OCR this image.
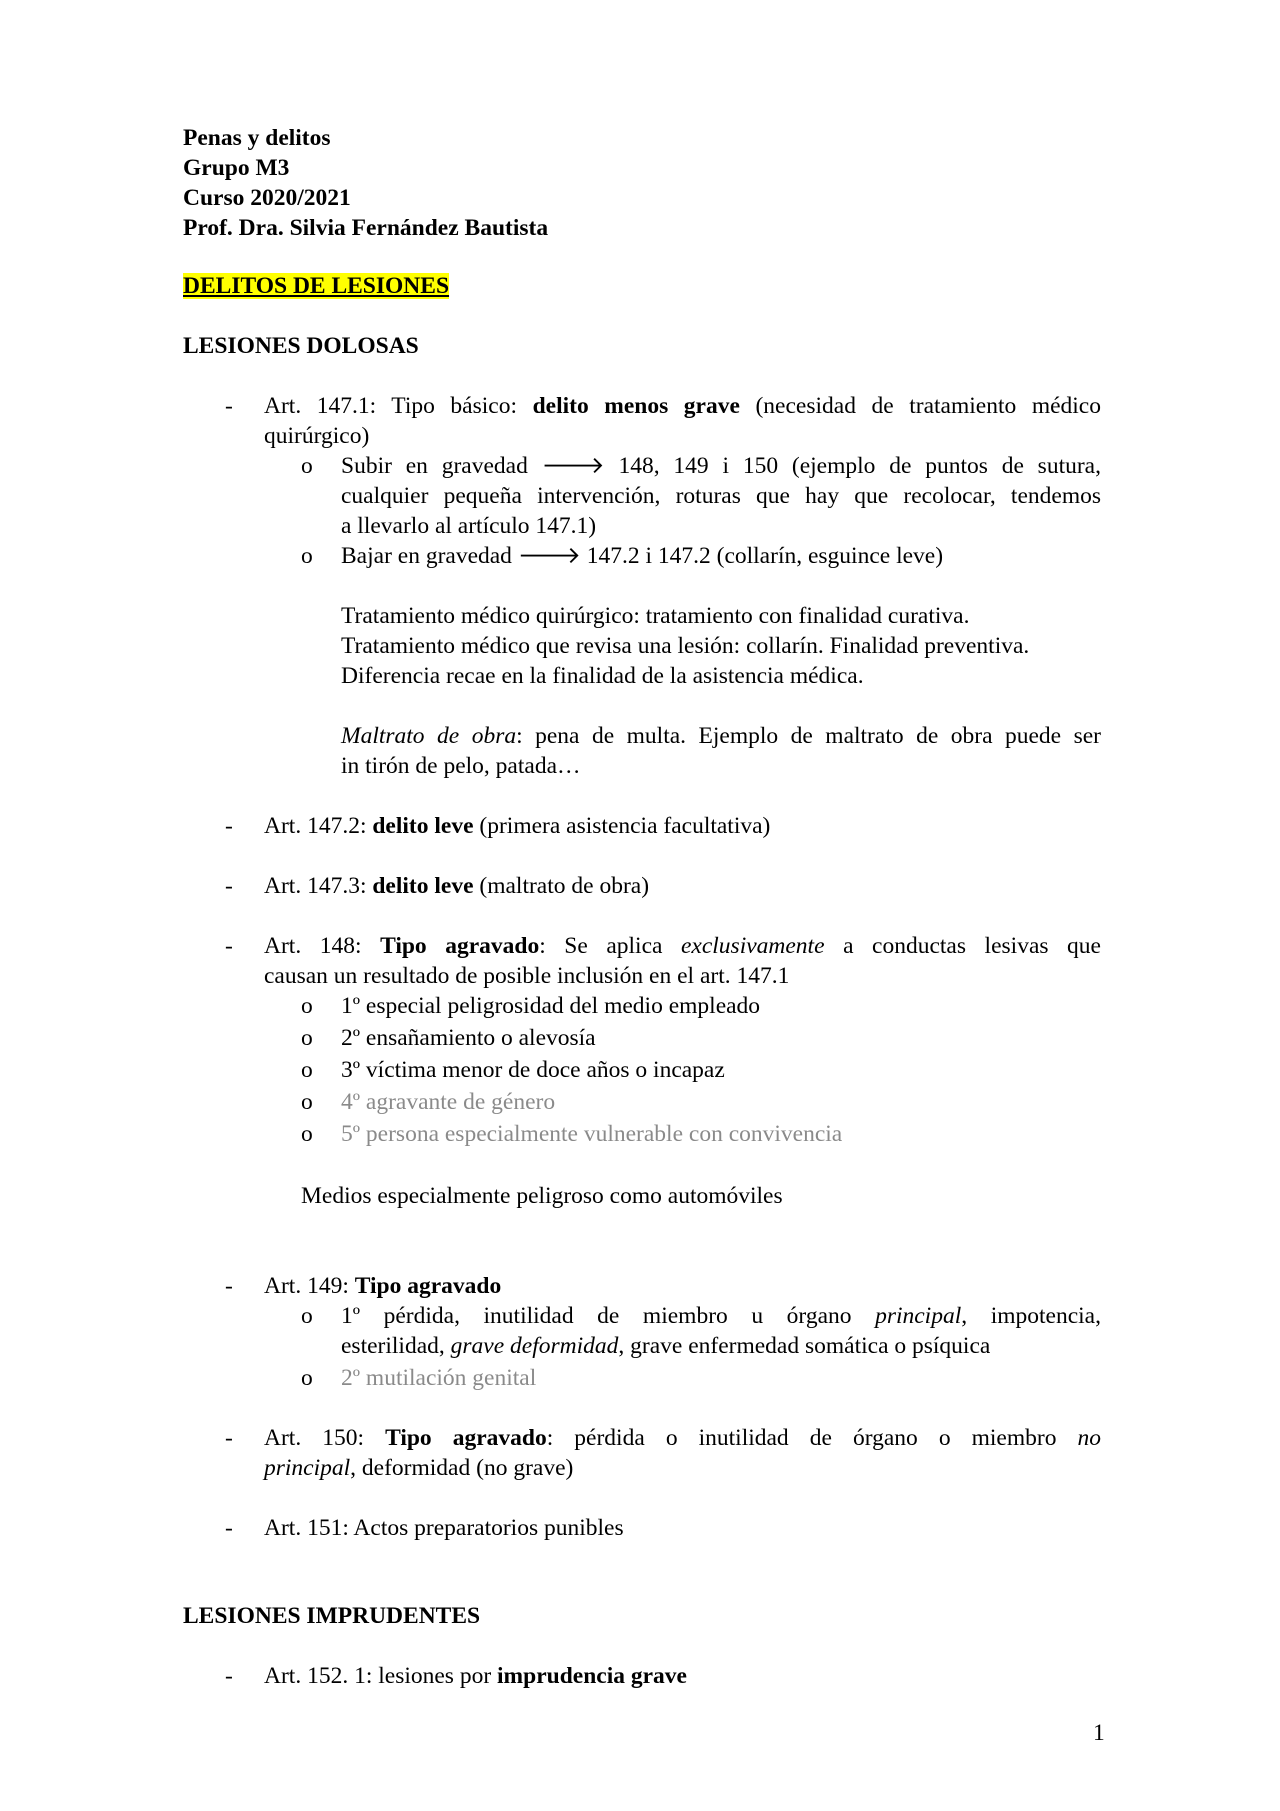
Penas y delitos
Grupo M3
Curso 2020/2021
Prof. Dra. Silvia Fernández Bautista
DELITOS DE LESIONES
LESIONES DOLOSAS
- Art. 147.1: Tipo básico: delito menos grave (necesidad de tratamiento médico
quirúrgico)
o Subir en gravedad 🡒 148, 149 i 150 (ejemplo de puntos de sutura,
cualquier pequeña intervención, roturas que hay que recolocar, tendemos
a llevarlo al artículo 147.1)
o Bajar en gravedad 🡒 147.2 i 147.2 (collarín, esguince leve)
Tratamiento médico quirúrgico: tratamiento con finalidad curativa.
Tratamiento médico que revisa una lesión: collarín. Finalidad preventiva.
Diferencia recae en la finalidad de la asistencia médica.
Maltrato de obra: pena de multa. Ejemplo de maltrato de obra puede ser
in tirón de pelo, patada…
- Art. 147.2: delito leve (primera asistencia facultativa)
- Art. 147.3: delito leve (maltrato de obra)
- Art. 148: Tipo agravado: Se aplica exclusivamente a conductas lesivas que
causan un resultado de posible inclusión en el art. 147.1
o 1º especial peligrosidad del medio empleado
o 2º ensañamiento o alevosía
o 3º víctima menor de doce años o incapaz
o 4º agravante de género
o 5º persona especialmente vulnerable con convivencia
Medios especialmente peligroso como automóviles
- Art. 149: Tipo agravado
o 1º pérdida, inutilidad de miembro u órgano principal, impotencia,
esterilidad, grave deformidad, grave enfermedad somática o psíquica
o 2º mutilación genital
- Art. 150: Tipo agravado: pérdida o inutilidad de órgano o miembro no
principal, deformidad (no grave)
- Art. 151: Actos preparatorios punibles
LESIONES IMPRUDENTES
- Art. 152. 1: lesiones por imprudencia grave
1
